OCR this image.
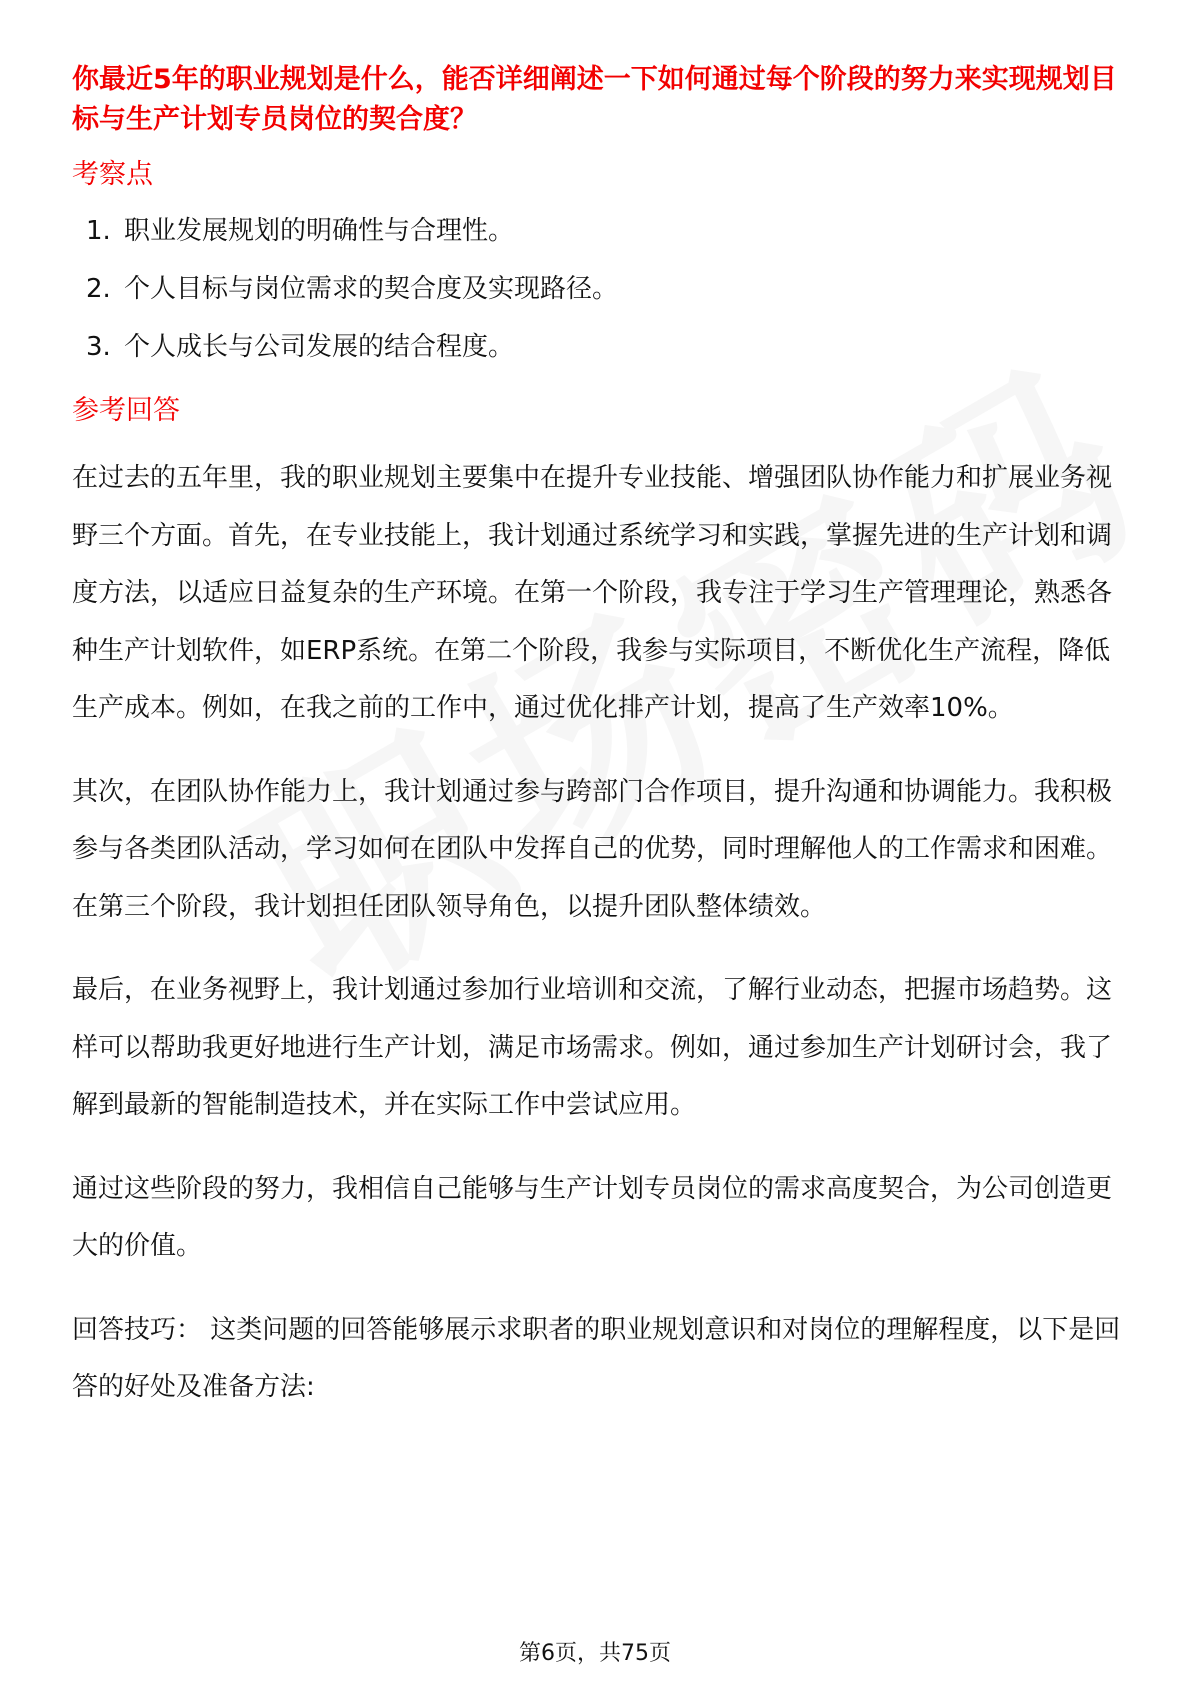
你最近5年的职业规划是什么，能否详细阐述一下如何通过每个阶段的努力来实现规划目标与生产计划专员岗位的契合度？

考察点

1. 职业发展规划的明确性与合理性。
2. 个人目标与岗位需求的契合度及实现路径。
3. 个人成长与公司发展的结合程度。

参考回答

在过去的五年里，我的职业规划主要集中在提升专业技能、增强团队协作能力和扩展业务视野三个方面。首先，在专业技能上，我计划通过系统学习和实践，掌握先进的生产计划和调度方法，以适应日益复杂的生产环境。在第一个阶段，我专注于学习生产管理理论，熟悉各种生产计划软件，如ERP系统。在第二个阶段，我参与实际项目，不断优化生产流程，降低生产成本。例如，在我之前的工作中，通过优化排产计划，提高了生产效率10%。

其次，在团队协作能力上，我计划通过参与跨部门合作项目，提升沟通和协调能力。我积极参与各类团队活动，学习如何在团队中发挥自己的优势，同时理解他人的工作需求和困难。在第三个阶段，我计划担任团队领导角色，以提升团队整体绩效。

最后，在业务视野上，我计划通过参加行业培训和交流，了解行业动态，把握市场趋势。这样可以帮助我更好地进行生产计划，满足市场需求。例如，通过参加生产计划研讨会，我了解到最新的智能制造技术，并在实际工作中尝试应用。

通过这些阶段的努力，我相信自己能够与生产计划专员岗位的需求高度契合，为公司创造更大的价值。

回答技巧： 这类问题的回答能够展示求职者的职业规划意识和对岗位的理解程度，以下是回答的好处及准备方法:

第6页，共75页
